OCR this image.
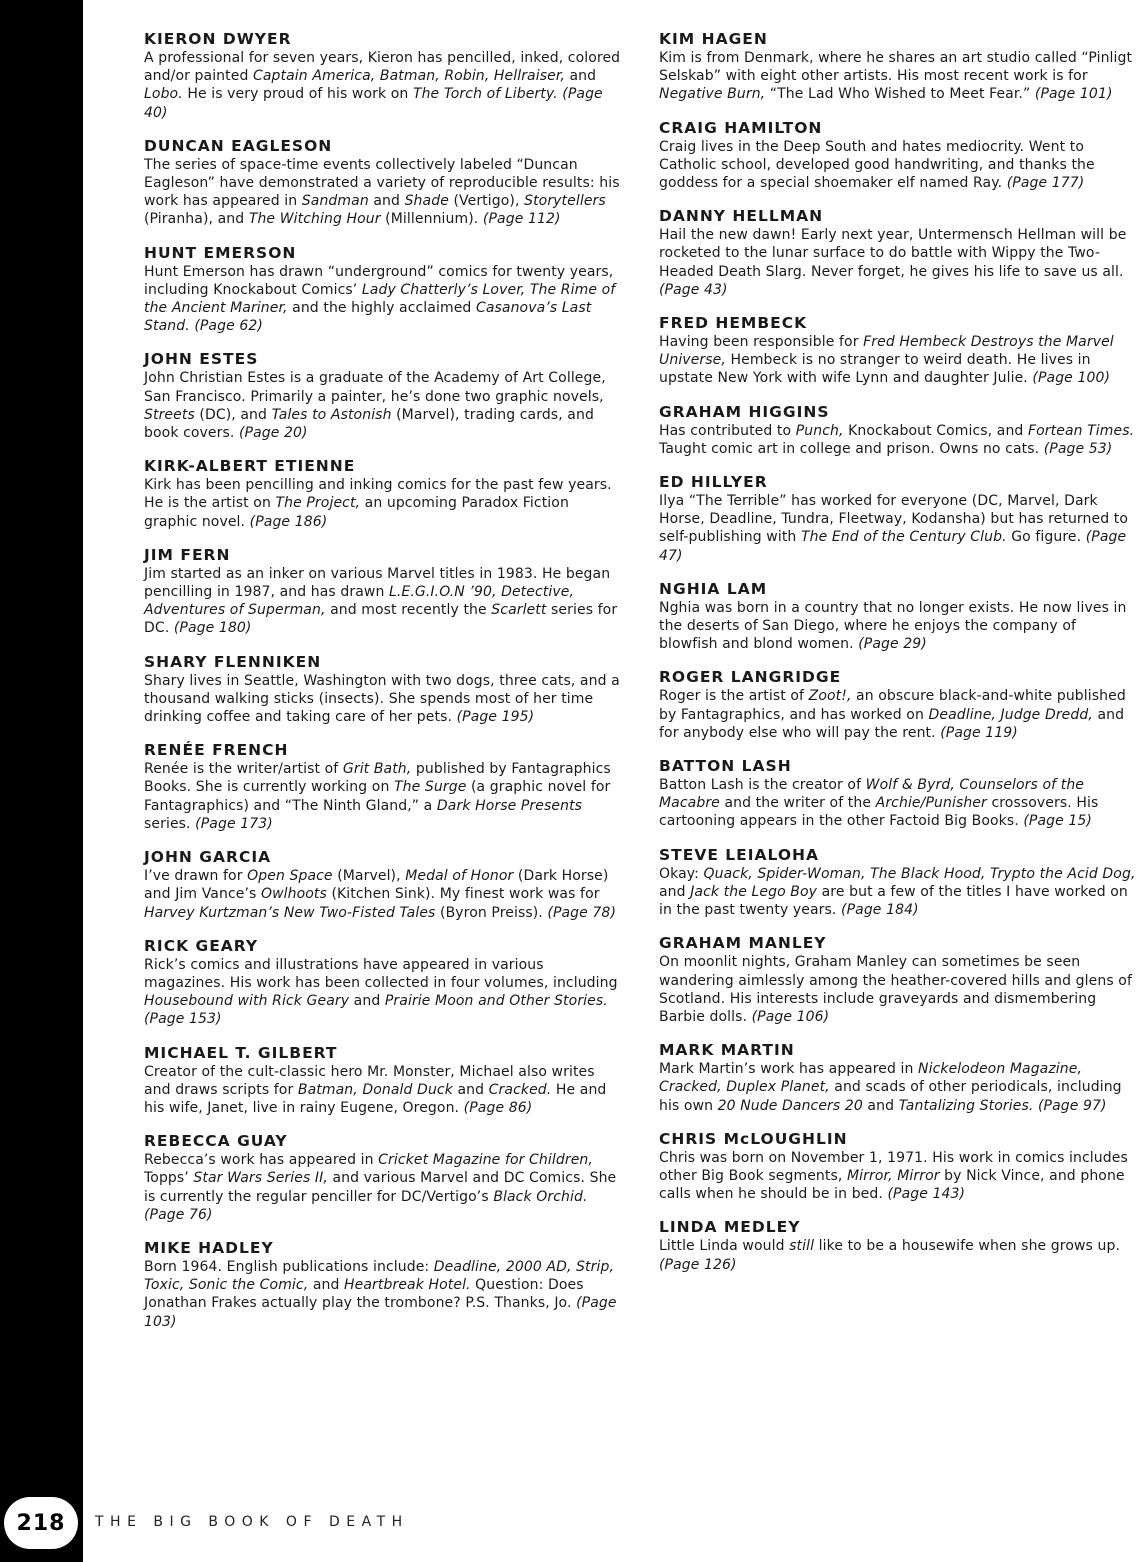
KIERON DWYER

A professional for seven years, Kieron has pencilled, inked, colored and/or painted Captain America, Batman, Robin, Hellraiser, and Lobo. He is very proud of his work on The Torch of Liberty. (Page 40)

DUNCAN EAGLESON

The series of space-time events collectively labeled “Duncan Eagleson” have demonstrated a variety of reproducible results: his work has appeared in Sandman and Shade (Vertigo), Storytellers (Piranha), and The Witching Hour (Millennium). (Page 112)

HUNT EMERSON

Hunt Emerson has drawn “underground” comics for twenty years, including Knockabout Comics’ Lady Chatterly’s Lover, The Rime of the Ancient Mariner, and the highly acclaimed Casanova’s Last Stand. (Page 62)

JOHN ESTES

John Christian Estes is a graduate of the Academy of Art College, San Francisco. Primarily a painter, he’s done two graphic novels, Streets (DC), and Tales to Astonish (Marvel), trading cards, and book covers. (Page 20)

KIRK-ALBERT ETIENNE

Kirk has been pencilling and inking comics for the past few years. He is the artist on The Project, an upcoming Paradox Fiction graphic novel. (Page 186)

JIM FERN

Jim started as an inker on various Marvel titles in 1983. He began pencilling in 1987, and has drawn L.E.G.I.O.N ’90, Detective, Adventures of Superman, and most recently the Scarlett series for DC. (Page 180)

SHARY FLENNIKEN

Shary lives in Seattle, Washington with two dogs, three cats, and a thousand walking sticks (insects). She spends most of her time drinking coffee and taking care of her pets. (Page 195)

RENÉE FRENCH

Renée is the writer/artist of Grit Bath, published by Fantagraphics Books. She is currently working on The Surge (a graphic novel for Fantagraphics) and “The Ninth Gland,” a Dark Horse Presents series. (Page 173)

JOHN GARCIA

I’ve drawn for Open Space (Marvel), Medal of Honor (Dark Horse) and Jim Vance’s Owlhoots (Kitchen Sink). My finest work was for Harvey Kurtzman’s New Two-Fisted Tales (Byron Preiss). (Page 78)

RICK GEARY

Rick’s comics and illustrations have appeared in various magazines. His work has been collected in four volumes, including Housebound with Rick Geary and Prairie Moon and Other Stories. (Page 153)

MICHAEL T. GILBERT

Creator of the cult-classic hero Mr. Monster, Michael also writes and draws scripts for Batman, Donald Duck and Cracked. He and his wife, Janet, live in rainy Eugene, Oregon. (Page 86)

REBECCA GUAY

Rebecca’s work has appeared in Cricket Magazine for Children, Topps’ Star Wars Series II, and various Marvel and DC Comics. She is currently the regular penciller for DC/Vertigo’s Black Orchid. (Page 76)

MIKE HADLEY

Born 1964. English publications include: Deadline, 2000 AD, Strip, Toxic, Sonic the Comic, and Heartbreak Hotel. Question: Does Jonathan Frakes actually play the trombone? P.S. Thanks, Jo. (Page 103)

KIM HAGEN

Kim is from Denmark, where he shares an art studio called “Pinligt Selskab” with eight other artists. His most recent work is for Negative Burn, “The Lad Who Wished to Meet Fear.” (Page 101)

CRAIG HAMILTON

Craig lives in the Deep South and hates mediocrity. Went to Catholic school, developed good handwriting, and thanks the goddess for a special shoemaker elf named Ray. (Page 177)

DANNY HELLMAN

Hail the new dawn! Early next year, Untermensch Hellman will be rocketed to the lunar surface to do battle with Wippy the Two-Headed Death Slarg. Never forget, he gives his life to save us all. (Page 43)

FRED HEMBECK

Having been responsible for Fred Hembeck Destroys the Marvel Universe, Hembeck is no stranger to weird death. He lives in upstate New York with wife Lynn and daughter Julie. (Page 100)

GRAHAM HIGGINS

Has contributed to Punch, Knockabout Comics, and Fortean Times. Taught comic art in college and prison. Owns no cats. (Page 53)

ED HILLYER

Ilya “The Terrible” has worked for everyone (DC, Marvel, Dark Horse, Deadline, Tundra, Fleetway, Kodansha) but has returned to self-publishing with The End of the Century Club. Go figure. (Page 47)

NGHIA LAM

Nghia was born in a country that no longer exists. He now lives in the deserts of San Diego, where he enjoys the company of blowfish and blond women. (Page 29)

ROGER LANGRIDGE

Roger is the artist of Zoot!, an obscure black-and-white published by Fantagraphics, and has worked on Deadline, Judge Dredd, and for anybody else who will pay the rent. (Page 119)

BATTON LASH

Batton Lash is the creator of Wolf & Byrd, Counselors of the Macabre and the writer of the Archie/Punisher crossovers. His cartooning appears in the other Factoid Big Books. (Page 15)

STEVE LEIALOHA

Okay: Quack, Spider-Woman, The Black Hood, Trypto the Acid Dog, and Jack the Lego Boy are but a few of the titles I have worked on in the past twenty years. (Page 184)

GRAHAM MANLEY

On moonlit nights, Graham Manley can sometimes be seen wandering aimlessly among the heather-covered hills and glens of Scotland. His interests include graveyards and dismembering Barbie dolls. (Page 106)

MARK MARTIN

Mark Martin’s work has appeared in Nickelodeon Magazine, Cracked, Duplex Planet, and scads of other periodicals, including his own 20 Nude Dancers 20 and Tantalizing Stories. (Page 97)

CHRIS McLOUGHLIN

Chris was born on November 1, 1971. His work in comics includes other Big Book segments, Mirror, Mirror by Nick Vince, and phone calls when he should be in bed. (Page 143)

LINDA MEDLEY

Little Linda would still like to be a housewife when she grows up. (Page 126)

218	THE BIG BOOK OF DEATH
